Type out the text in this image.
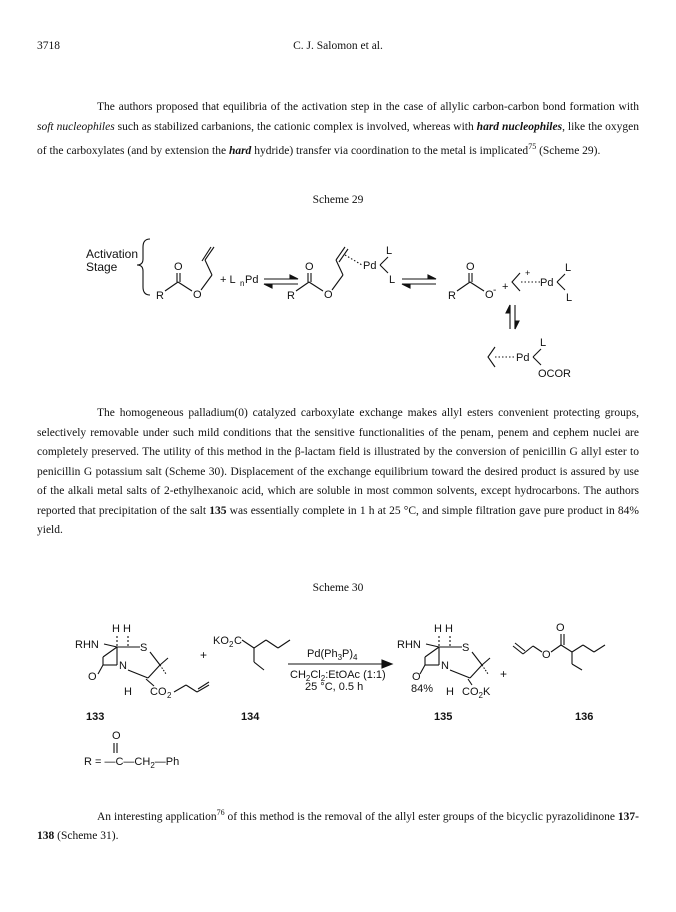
3718	C. J. Salomon et al.

The authors proposed that equilibria of the activation step in the case of allylic carbon-carbon bond formation with soft nucleophiles such as stabilized carbanions, the cationic complex is involved, whereas with hard nucleophiles, like the oxygen of the carboxylates (and by extension the hard hydride) transfer via coordination to the metal is implicated$^{75}$ (Scheme 29).

Scheme 29
Activation
Stage	O
R	O
+ L n Pd
O
R	O
Pd
L
L
O
R	O - +
+
Pd
L
L
Pd
L
OCOR

The homogeneous palladium(0) catalyzed carboxylate exchange makes allyl esters convenient protecting groups, selectively removable under such mild conditions that the sensitive functionalities of the penam, penem and cephem nuclei are completely preserved. The utility of this method in the β-lactam field is illustrated by the conversion of penicillin G allyl ester to penicillin G potassium salt (Scheme 30). Displacement of the exchange equilibrium toward the desired product is assured by use of the alkali metal salts of 2-ethylhexanoic acid, which are soluble in most common solvents, except hydrocarbons. The authors reported that precipitation of the salt 135 was essentially complete in 1 h at 25 °C, and simple filtration gave pure product in 84% yield.

Scheme 30
H H
RHN	S
N
O
H CO 2
+
KO 2 C
$Pd(Ph_3P)_4$
$CH_2Cl_2:EtOAc$ (1:1)
25 °C, 0.5 h
H H
RHN	S
N
O
84% H $CO_2K$
+
O
O
133	134	135	136
O
$R = —C—CH_2—Ph$

An interesting application$^{76}$ of this method is the removal of the allyl ester groups of the bicyclic pyrazolidinone 137-138 (Scheme 31).
